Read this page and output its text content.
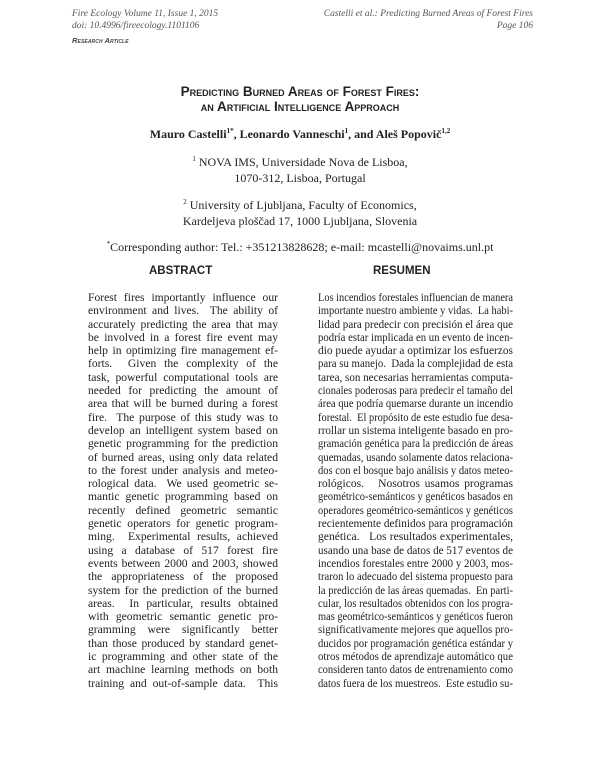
Fire Ecology Volume 11, Issue 1, 2015
doi: 10.4996/fireecology.1101106
Castelli et al.: Predicting Burned Areas of Forest Fires
Page 106
Research Article
Predicting Burned Areas of Forest Fires:
an Artificial Intelligence Approach
Mauro Castelli$^{1*}$, Leonardo Vanneschi$^1$, and Aleš Popovič$^{1,2}$
$^1$ NOVA IMS, Universidade Nova de Lisboa,
1070-312, Lisboa, Portugal
$^2$ University of Ljubljana, Faculty of Economics,
Kardeljeva ploščad 17, 1000 Ljubljana, Slovenia
*Corresponding author: Tel.: +351213828628; e-mail: mcastelli@novaims.unl.pt
ABSTRACT	RESUMEN
Forest fires importantly influence our
environment and lives.  The ability of
accurately predicting the area that may
be involved in a forest fire event may
help in optimizing fire management ef-
forts.  Given the complexity of the
task, powerful computational tools are
needed for predicting the amount of
area that will be burned during a forest
fire.  The purpose of this study was to
develop an intelligent system based on
genetic programming for the prediction
of burned areas, using only data related
to the forest under analysis and meteo-
rological data.  We used geometric se-
mantic genetic programming based on
recently defined geometric semantic
genetic operators for genetic program-
ming.  Experimental results, achieved
using a database of 517 forest fire
events between 2000 and 2003, showed
the appropriateness of the proposed
system for the prediction of the burned
areas.  In particular, results obtained
with geometric semantic genetic pro-
gramming were significantly better
than those produced by standard genet-
ic programming and other state of the
art machine learning methods on both
training and out-of-sample data.  This
Los incendios forestales influencian de manera
importante nuestro ambiente y vidas.  La habi-
lidad para predecir con precisión el área que
podría estar implicada en un evento de incen-
dio puede ayudar a optimizar los esfuerzos
para su manejo.  Dada la complejidad de esta
tarea, son necesarias herramientas computa-
cionales poderosas para predecir el tamaño del
área que podría quemarse durante un incendio
forestal.  El propósito de este estudio fue desa-
rrollar un sistema inteligente basado en pro-
gramación genética para la predicción de áreas
quemadas, usando solamente datos relaciona-
dos con el bosque bajo análisis y datos meteo-
rológicos.   Nosotros usamos programas
geométrico-semánticos y genéticos basados en
operadores geométrico-semánticos y genéticos
recientemente definidos para programación
genética.   Los resultados experimentales,
usando una base de datos de 517 eventos de
incendios forestales entre 2000 y 2003, mos-
traron lo adecuado del sistema propuesto para
la predicción de las áreas quemadas.  En parti-
cular, los resultados obtenidos con los progra-
mas geométrico-semánticos y genéticos fueron
significativamente mejores que aquellos pro-
ducidos por programación genética estándar y
otros métodos de aprendizaje automático que
consideren tanto datos de entrenamiento como
datos fuera de los muestreos.  Este estudio su-
